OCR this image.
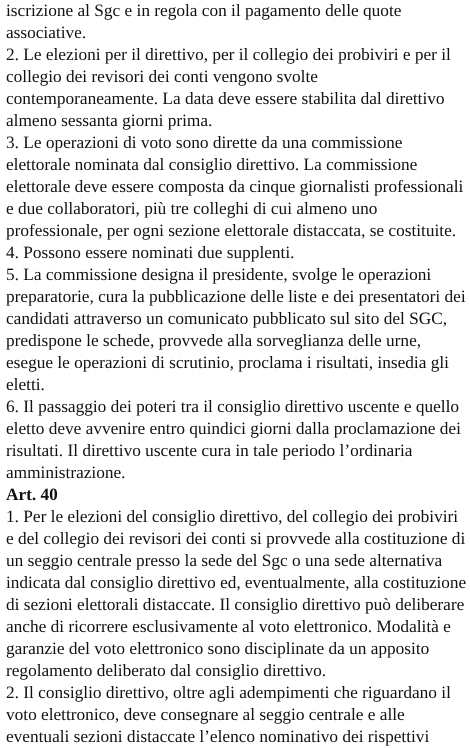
iscrizione al Sgc e in regola con il pagamento delle quote
associative.
2. Le elezioni per il direttivo, per il collegio dei probiviri e per il
collegio dei revisori dei conti vengono svolte
contemporaneamente. La data deve essere stabilita dal direttivo
almeno sessanta giorni prima.
3. Le operazioni di voto sono dirette da una commissione
elettorale nominata dal consiglio direttivo. La commissione
elettorale deve essere composta da cinque giornalisti professionali
e due collaboratori, più tre colleghi di cui almeno uno
professionale, per ogni sezione elettorale distaccata, se costituite.
4. Possono essere nominati due supplenti.
5. La commissione designa il presidente, svolge le operazioni
preparatorie, cura la pubblicazione delle liste e dei presentatori dei
candidati attraverso un comunicato pubblicato sul sito del SGC,
predispone le schede, provvede alla sorveglianza delle urne,
esegue le operazioni di scrutinio, proclama i risultati, insedia gli
eletti.
6. Il passaggio dei poteri tra il consiglio direttivo uscente e quello
eletto deve avvenire entro quindici giorni dalla proclamazione dei
risultati. Il direttivo uscente cura in tale periodo l’ordinaria
amministrazione.
Art. 40
1. Per le elezioni del consiglio direttivo, del collegio dei probiviri
e del collegio dei revisori dei conti si provvede alla costituzione di
un seggio centrale presso la sede del Sgc o una sede alternativa
indicata dal consiglio direttivo ed, eventualmente, alla costituzione
di sezioni elettorali distaccate. Il consiglio direttivo può deliberare
anche di ricorrere esclusivamente al voto elettronico. Modalità e
garanzie del voto elettronico sono disciplinate da un apposito
regolamento deliberato dal consiglio direttivo.
2. Il consiglio direttivo, oltre agli adempimenti che riguardano il
voto elettronico, deve consegnare al seggio centrale e alle
eventuali sezioni distaccate l’elenco nominativo dei rispettivi
